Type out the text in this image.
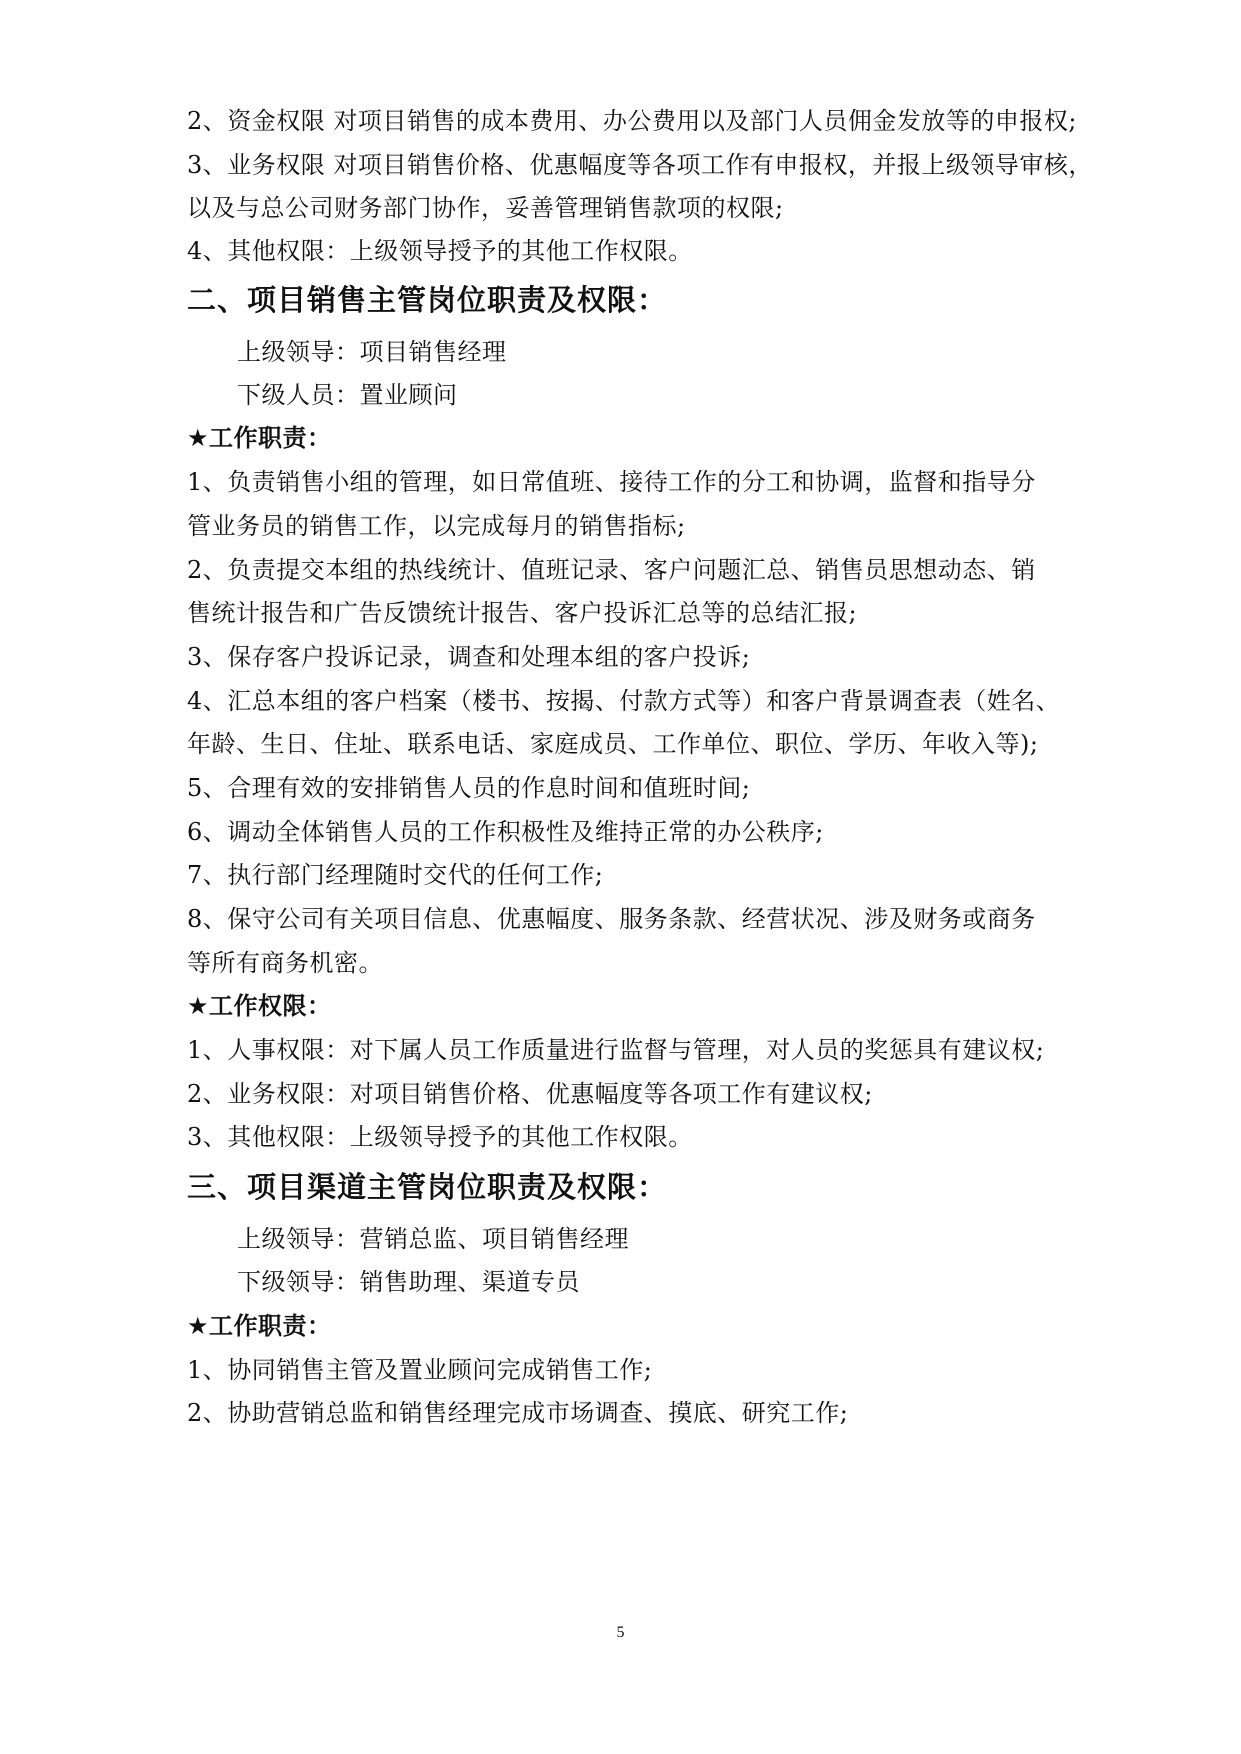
2、资金权限 对项目销售的成本费用、办公费用以及部门人员佣金发放等的申报权;
3、业务权限 对项目销售价格、优惠幅度等各项工作有申报权，并报上级领导审核，
以及与总公司财务部门协作，妥善管理销售款项的权限;
4、其他权限：上级领导授予的其他工作权限。
二、项目销售主管岗位职责及权限：
上级领导：项目销售经理
下级人员：置业顾问
★工作职责：
1、负责销售小组的管理，如日常值班、接待工作的分工和协调，监督和指导分
管业务员的销售工作，以完成每月的销售指标;
2、负责提交本组的热线统计、值班记录、客户问题汇总、销售员思想动态、销
售统计报告和广告反馈统计报告、客户投诉汇总等的总结汇报;
3、保存客户投诉记录，调查和处理本组的客户投诉;
4、汇总本组的客户档案（楼书、按揭、付款方式等）和客户背景调查表（姓名、
年龄、生日、住址、联系电话、家庭成员、工作单位、职位、学历、年收入等);
5、合理有效的安排销售人员的作息时间和值班时间;
6、调动全体销售人员的工作积极性及维持正常的办公秩序;
7、执行部门经理随时交代的任何工作;
8、保守公司有关项目信息、优惠幅度、服务条款、经营状况、涉及财务或商务
等所有商务机密。
★工作权限：
1、人事权限：对下属人员工作质量进行监督与管理，对人员的奖惩具有建议权;
2、业务权限：对项目销售价格、优惠幅度等各项工作有建议权;
3、其他权限：上级领导授予的其他工作权限。
三、项目渠道主管岗位职责及权限：
上级领导：营销总监、项目销售经理
下级领导：销售助理、渠道专员
★工作职责：
1、协同销售主管及置业顾问完成销售工作;
2、协助营销总监和销售经理完成市场调查、摸底、研究工作;
5
